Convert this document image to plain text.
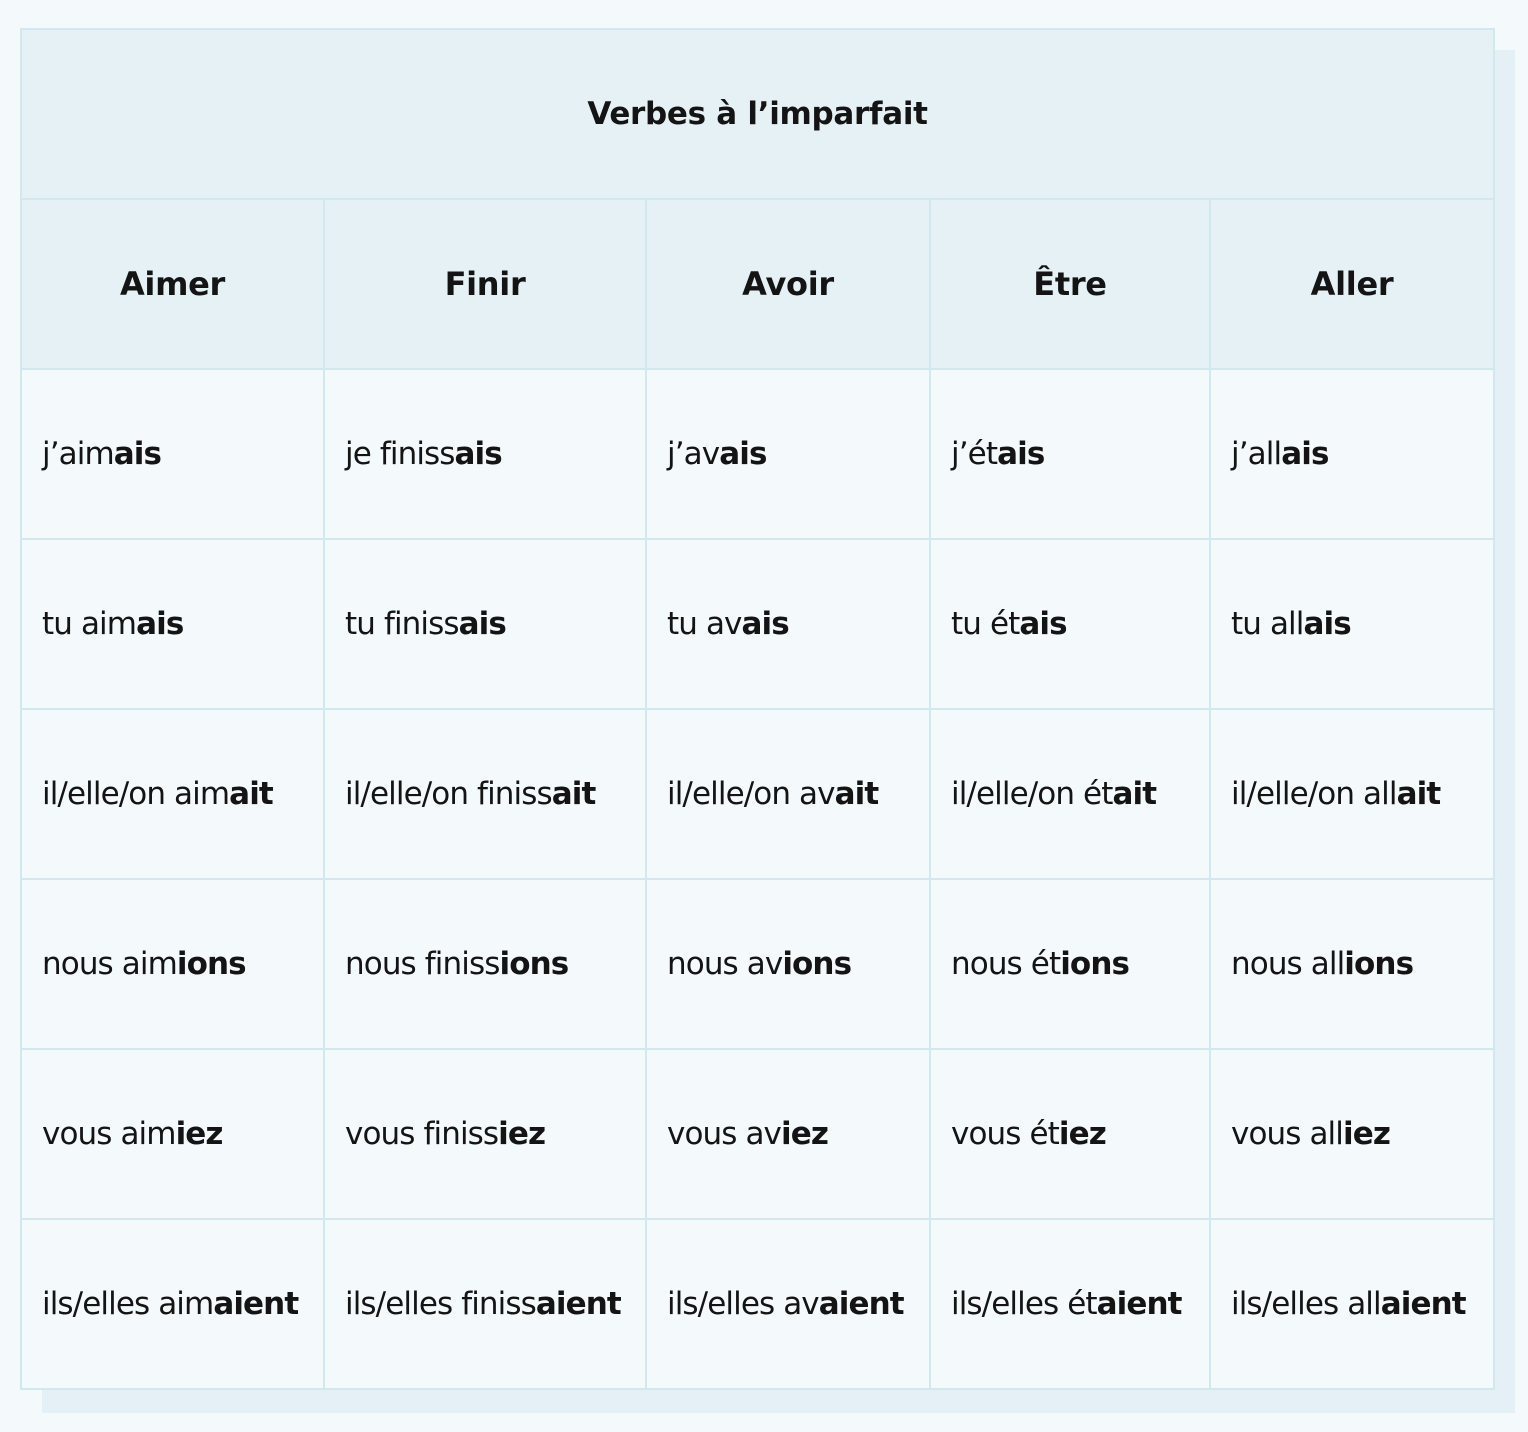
Verbes à l’imparfait				
Aimer	Finir	Avoir	Être	Aller
j’aimais	je finissais	j’avais	j’étais	j’allais
tu aimais	tu finissais	tu avais	tu étais	tu allais
il/elle/on aimait	il/elle/on finissait	il/elle/on avait	il/elle/on était	il/elle/on allait
nous aimions	nous finissions	nous avions	nous étions	nous allions
vous aimiez	vous finissiez	vous aviez	vous étiez	vous alliez
ils/elles aimaient	ils/elles finissaient	ils/elles avaient	ils/elles étaient	ils/elles allaient
